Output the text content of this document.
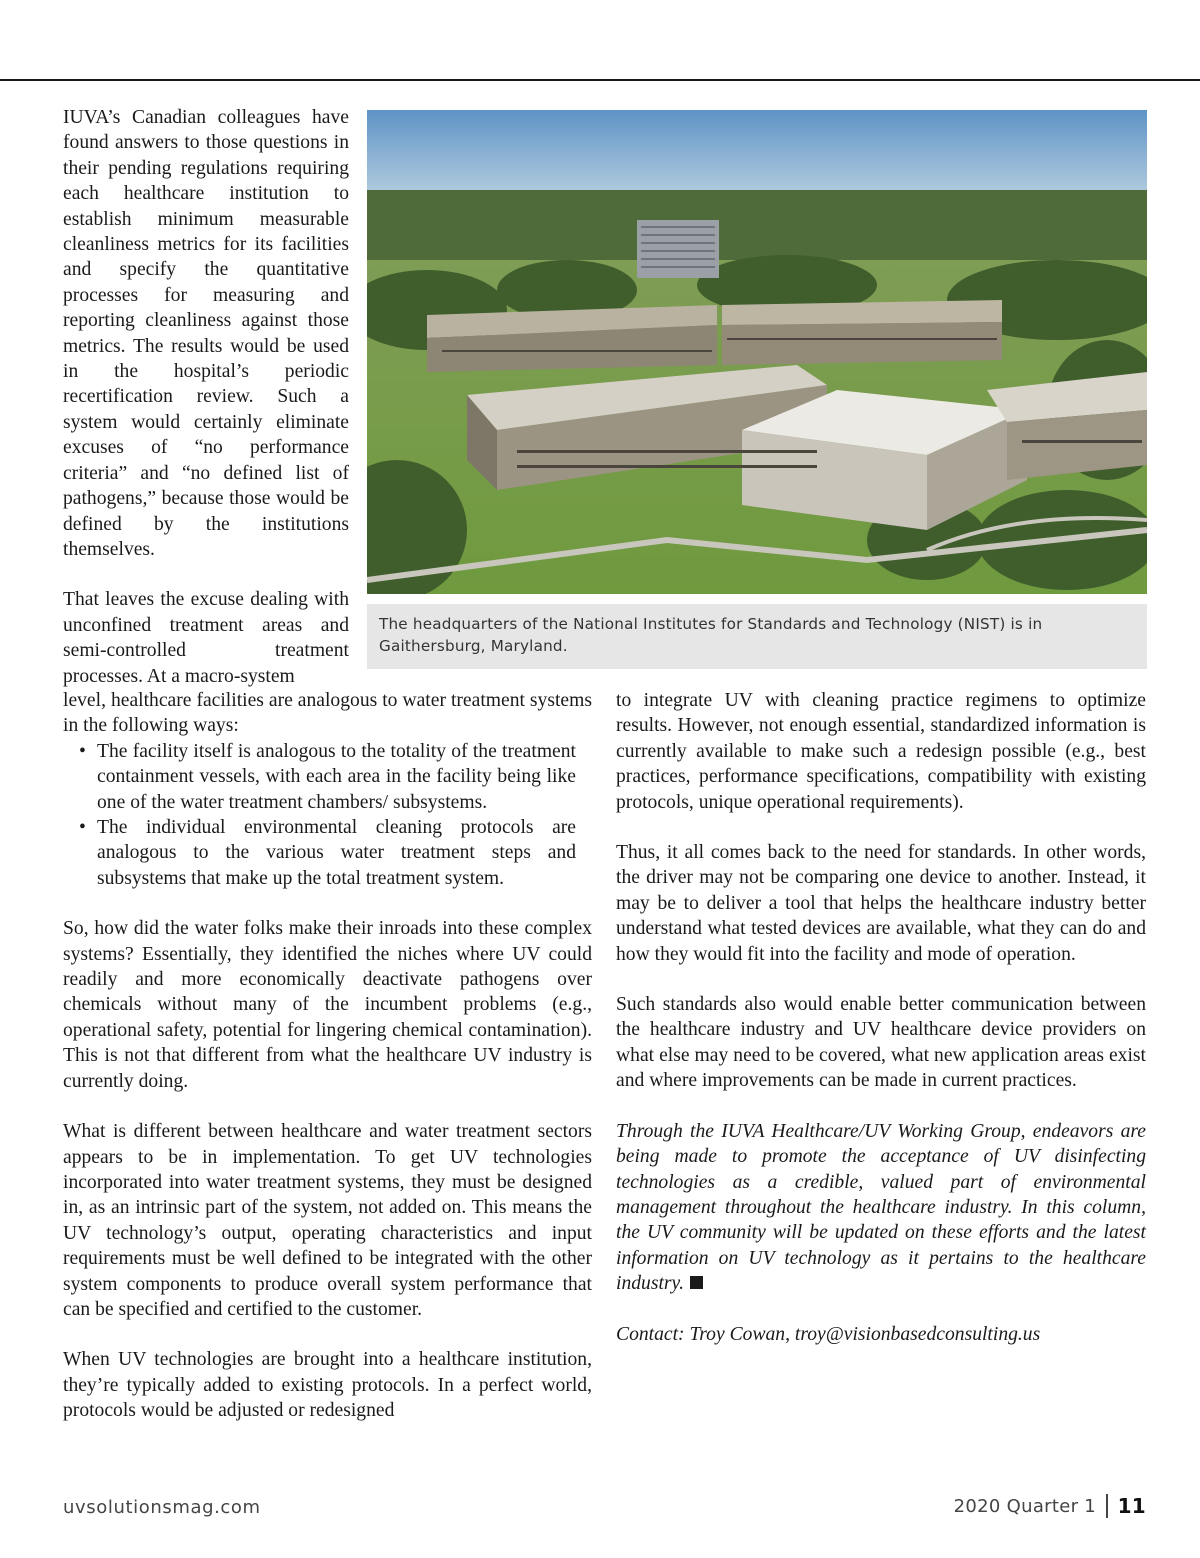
IUVA’s Canadian colleagues have found answers to those questions in their pending regulations requiring each healthcare institution to establish minimum measurable cleanliness metrics for its facilities and specify the quantitative processes for measuring and reporting cleanliness against those metrics. The results would be used in the hospital’s periodic recertification review. Such a system would certainly eliminate excuses of “no performance criteria” and “no defined list of pathogens,” because those would be defined by the institutions themselves.

That leaves the excuse dealing with unconfined treatment areas and semi-controlled treatment processes. At a macro-system

The headquarters of the National Institutes for Standards and Technology (NIST) is in Gaithersburg, Maryland.

level, healthcare facilities are analogous to water treatment systems in the following ways:

• The facility itself is analogous to the totality of the treatment containment vessels, with each area in the facility being like one of the water treatment chambers/ subsystems.
• The individual environmental cleaning protocols are analogous to the various water treatment steps and subsystems that make up the total treatment system.

So, how did the water folks make their inroads into these complex systems? Essentially, they identified the niches where UV could readily and more economically deactivate pathogens over chemicals without many of the incumbent problems (e.g., operational safety, potential for lingering chemical contamination). This is not that different from what the healthcare UV industry is currently doing.

What is different between healthcare and water treatment sectors appears to be in implementation. To get UV technologies incorporated into water treatment systems, they must be designed in, as an intrinsic part of the system, not added on. This means the UV technology’s output, operating characteristics and input requirements must be well defined to be integrated with the other system components to produce overall system performance that can be specified and certified to the customer.

When UV technologies are brought into a healthcare institution, they’re typically added to existing protocols. In a perfect world, protocols would be adjusted or redesigned

to integrate UV with cleaning practice regimens to optimize results. However, not enough essential, standardized information is currently available to make such a redesign possible (e.g., best practices, performance specifications, compatibility with existing protocols, unique operational requirements).

Thus, it all comes back to the need for standards. In other words, the driver may not be comparing one device to another. Instead, it may be to deliver a tool that helps the healthcare industry better understand what tested devices are available, what they can do and how they would fit into the facility and mode of operation.

Such standards also would enable better communication between the healthcare industry and UV healthcare device providers on what else may need to be covered, what new application areas exist and where improvements can be made in current practices.

Through the IUVA Healthcare/UV Working Group, endeavors are being made to promote the acceptance of UV disinfecting technologies as a credible, valued part of environmental management throughout the healthcare industry. In this column, the UV community will be updated on these efforts and the latest information on UV technology as it pertains to the healthcare industry.

Contact: Troy Cowan, troy@visionbasedconsulting.us

uvsolutionsmag.com	2020 Quarter 1 11
